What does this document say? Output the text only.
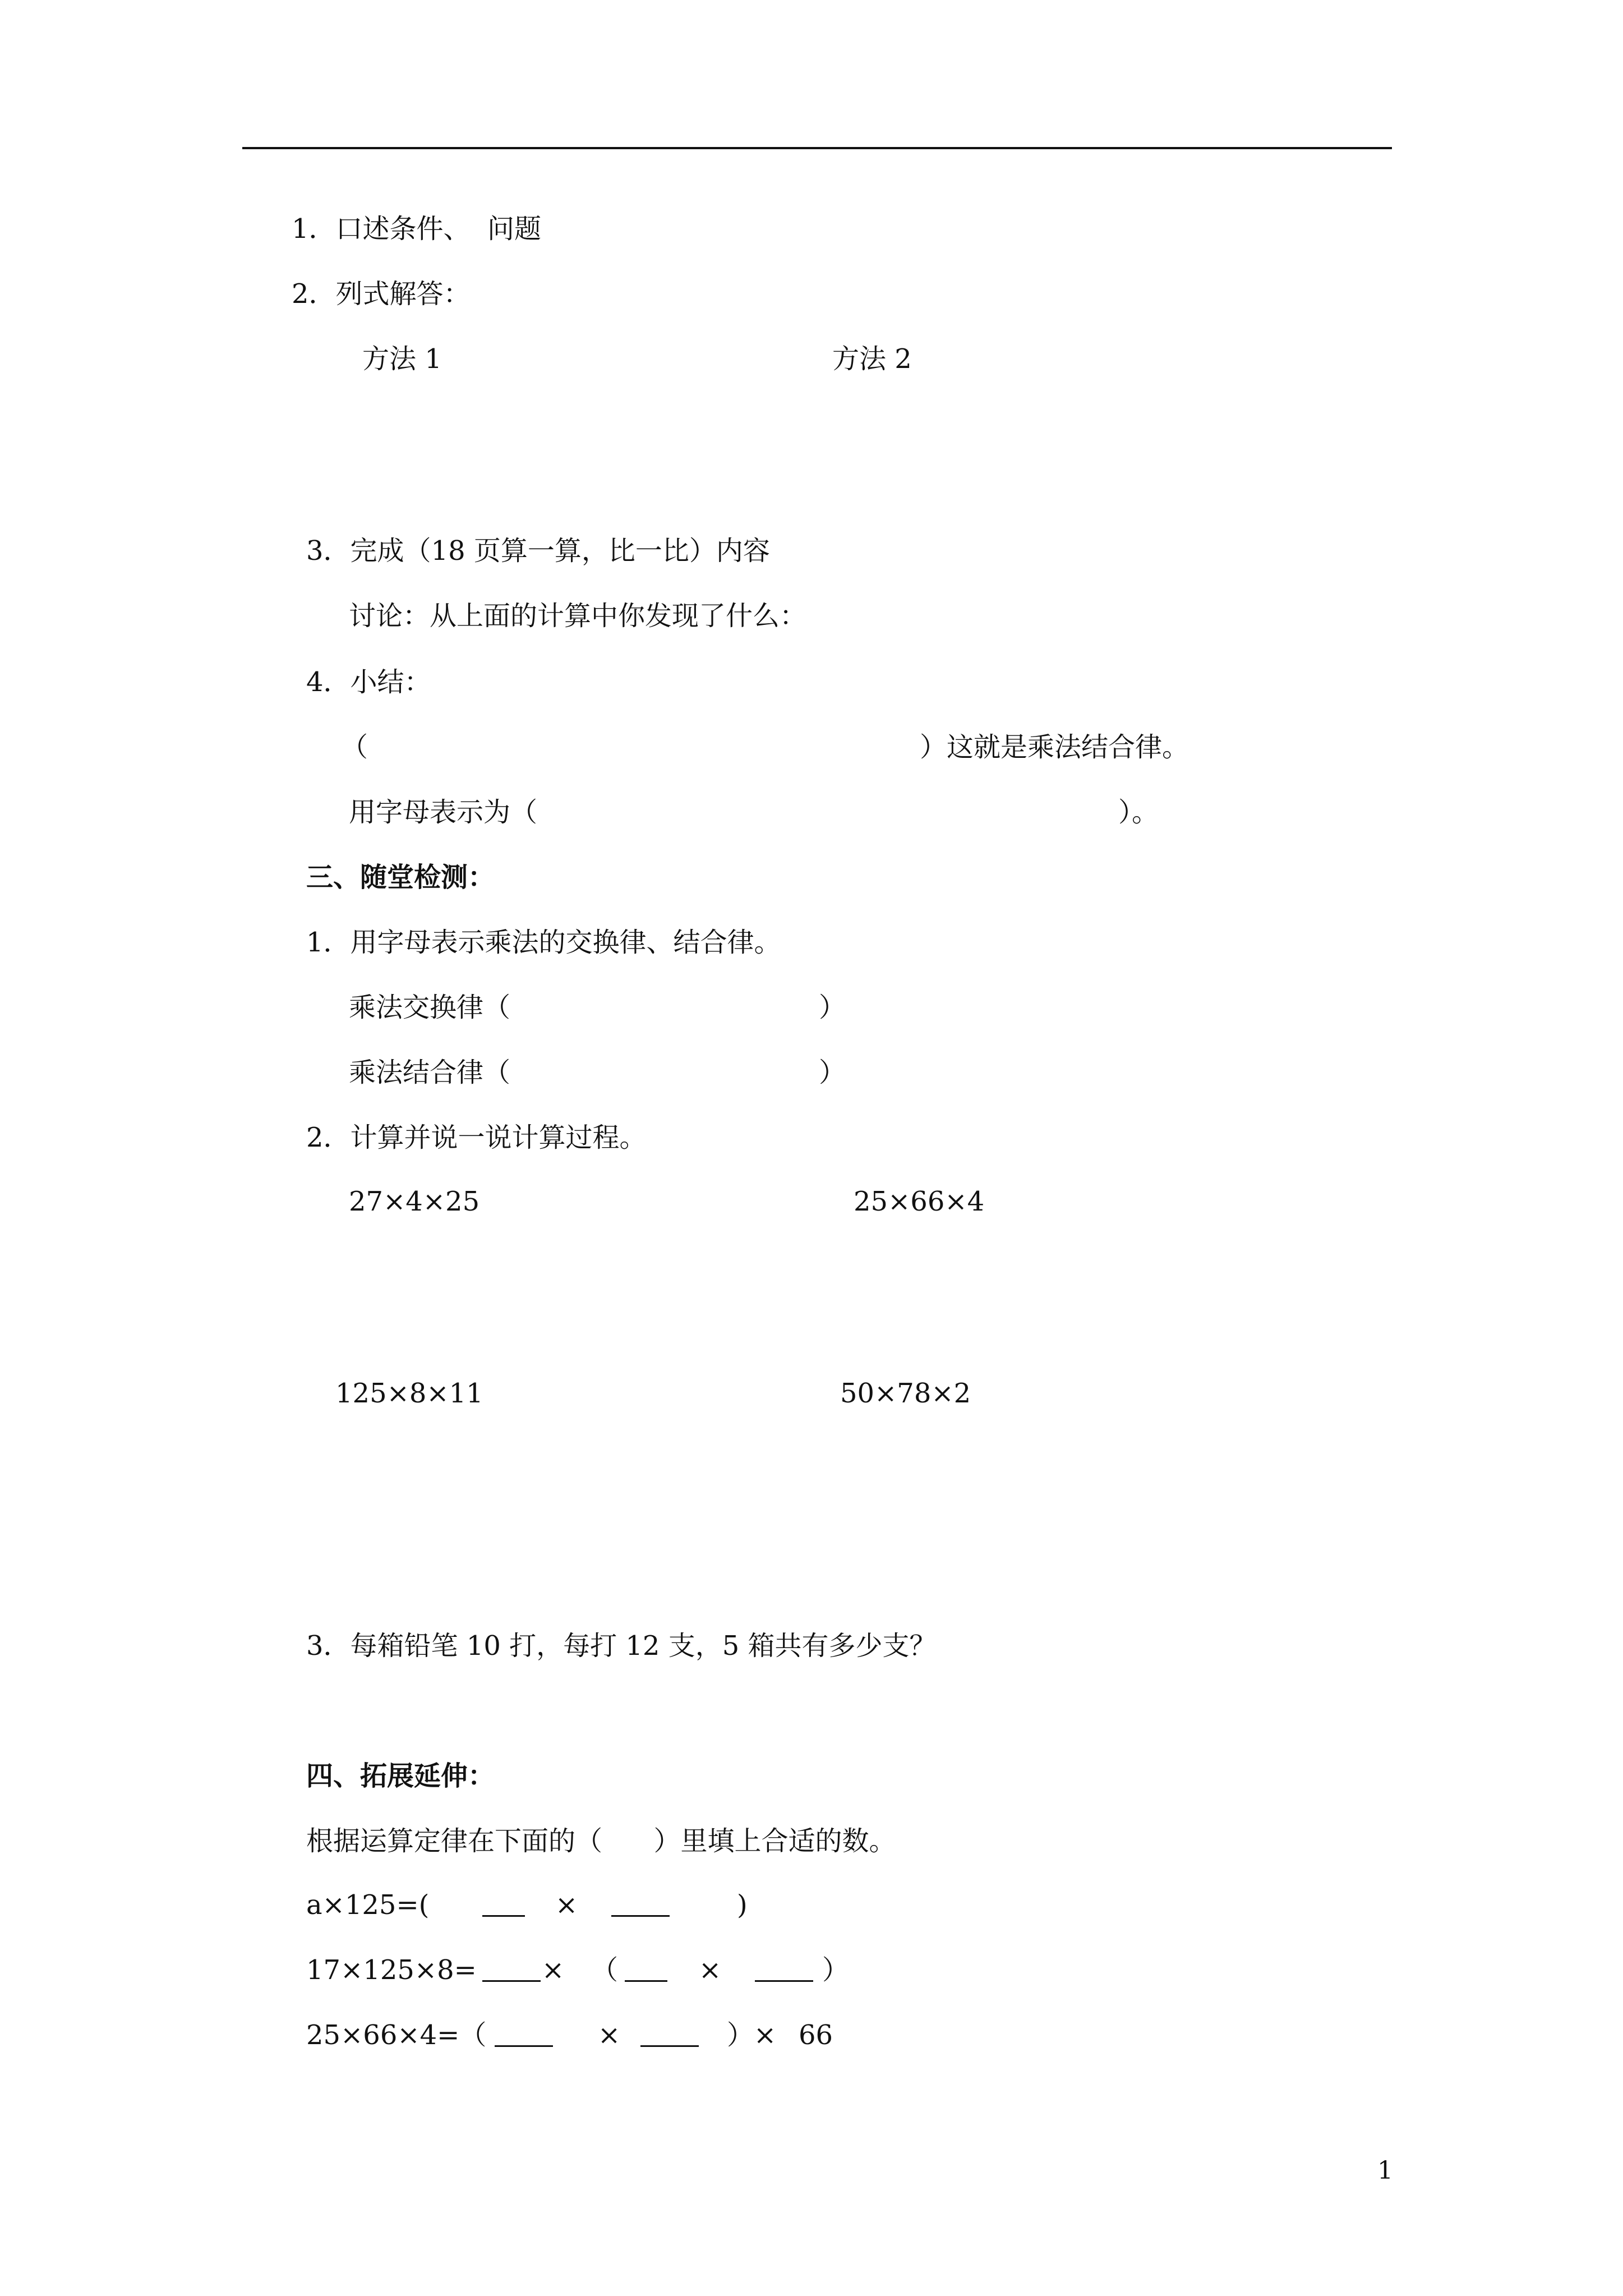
1．口述条件、  问题
2．列式解答：
方法 1	方法 2
3．完成（18 页算一算，比一比）内容
讨论：从上面的计算中你发现了什么：
4．小结：
（	）这就是乘法结合律。
用字母表示为（	）。
三、随堂检测：
1．用字母表示乘法的交换律、结合律。
乘法交换律（	）
乘法结合律（	）
2．计算并说一说计算过程。
27×4×25	25×66×4
125×8×11	50×78×2
3．每箱铅笔 10 打，每打 12 支，5 箱共有多少支？
四、拓展延伸：
根据运算定律在下面的（      ）里填上合适的数。
a×125=(	×	)
17×125×8= × （	×	）
25×66×4=（	×	）× 66
1
